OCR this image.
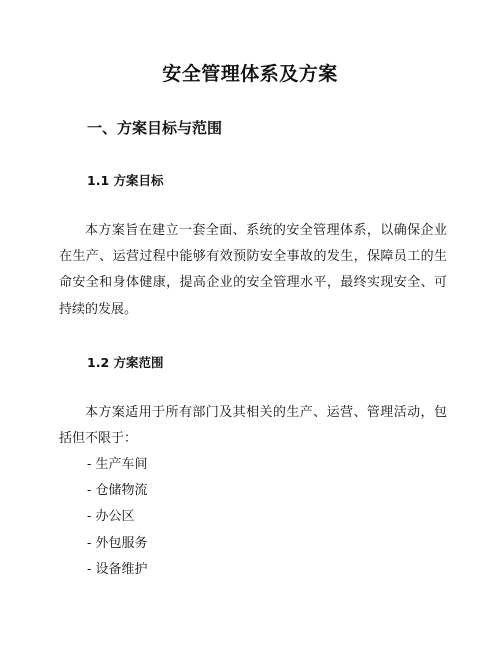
安全管理体系及方案
一、方案目标与范围
1.1 方案目标
本方案旨在建立一套全面、系统的安全管理体系，以确保企业在生产、运营过程中能够有效预防安全事故的发生，保障员工的生命安全和身体健康，提高企业的安全管理水平，最终实现安全、可持续的发展。
1.2 方案范围
本方案适用于所有部门及其相关的生产、运营、管理活动，包括但不限于：
- 生产车间
- 仓储物流
- 办公区
- 外包服务
- 设备维护
